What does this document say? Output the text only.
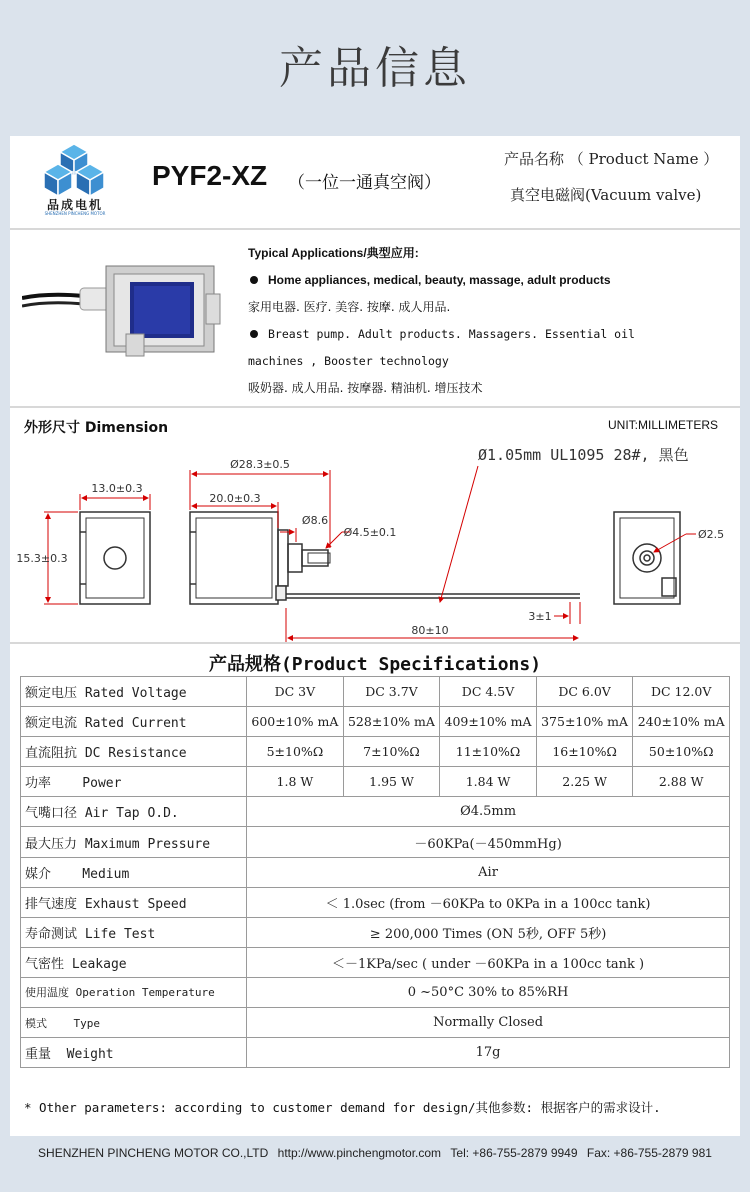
产品信息
品成电机
SHENZHEN PINCHENG MOTOR
PYF2-XZ （一位一通真空阀）
产品名称 （ Product Name ）
真空电磁阀(Vacuum valve)
Typical Applications/典型应用:
Home appliances, medical, beauty, massage, adult products
家用电器. 医疗. 美容. 按摩. 成人用品.
Breast pump. Adult products. Massagers. Essential oil
machines , Booster technology
吸奶器. 成人用品. 按摩器. 精油机. 增压技术
外形尺寸 Dimension	UNIT:MILLIMETERS
13.0±0.3
15.3±0.3
Ø28.3±0.5
20.0±0.3
Ø8.6
Ø4.5±0.1
Ø1.05mm UL1095 28#, 黑色
3±1
80±10
Ø2.5
产品规格(Product Specifications)
额定电压 Rated Voltage	DC 3V	DC 3.7V	DC 4.5V	DC 6.0V	DC 12.0V
额定电流 Rated Current	600±10% mA	528±10% mA	409±10% mA	375±10% mA	240±10% mA
直流阻抗 DC Resistance	5±10%Ω	7±10%Ω	11±10%Ω	16±10%Ω	50±10%Ω
功率    Power	1.8 W	1.95 W	1.84 W	2.25 W	2.88 W
气嘴口径 Air Tap O.D.	Ø4.5mm				
最大压力 Maximum Pressure	－60KPa(－450mmHg)				
媒介    Medium	Air				
排气速度 Exhaust Speed	＜ 1.0sec (from －60KPa to 0KPa in a 100cc tank)				
寿命测试 Life Test	≥ 200,000 Times (ON 5秒, OFF 5秒)				
气密性 Leakage	＜－1KPa/sec ( under －60KPa in a 100cc tank )				
使用温度 Operation Temperature	0 ~50°C 30% to 85%RH				
模式    Type	Normally Closed				
重量  Weight	17g				
* Other parameters: according to customer demand for design/其他参数: 根据客户的需求设计.
SHENZHEN PINCHENG MOTOR CO.,LTD http://www.pinchengmotor.com Tel: +86-755-2879 9949 Fax: +86-755-2879 981
